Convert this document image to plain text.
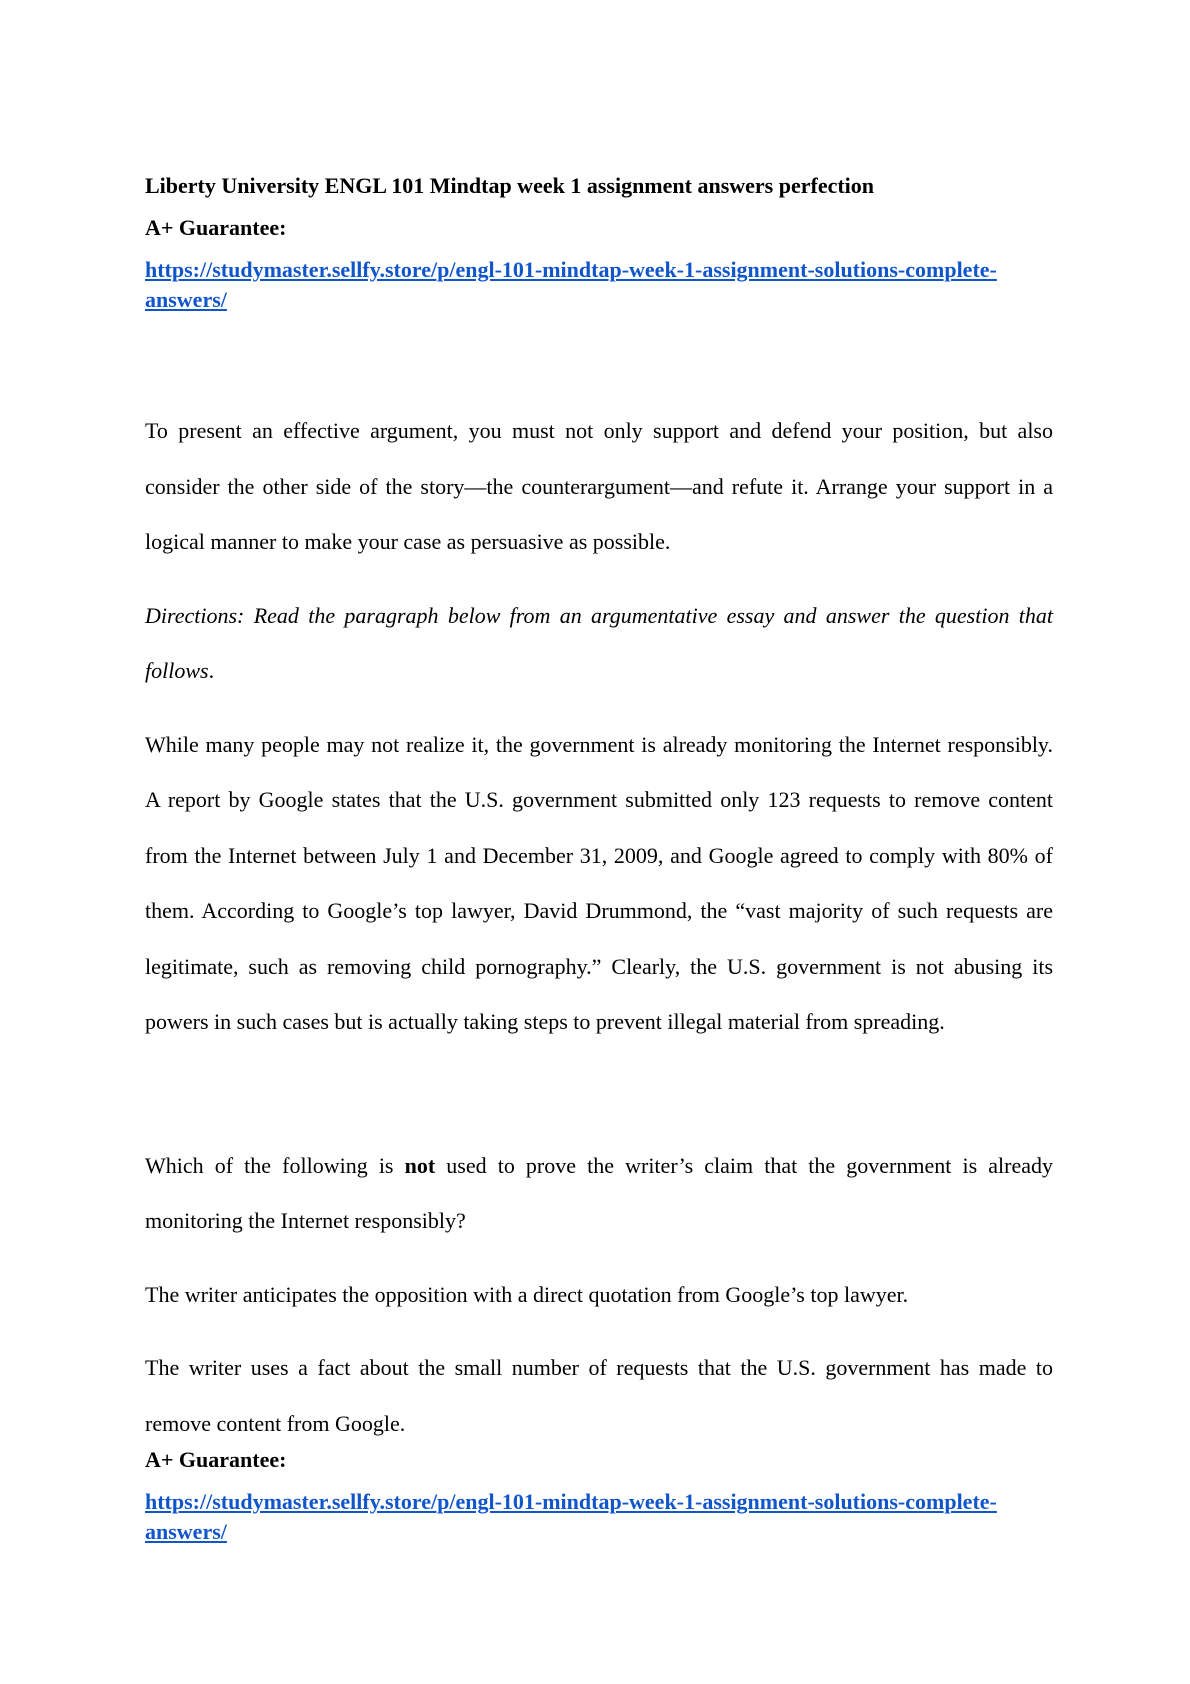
Liberty University ENGL 101 Mindtap week 1 assignment answers perfection

A+ Guarantee:

https://studymaster.sellfy.store/p/engl-101-mindtap-week-1-assignment-solutions-complete-answers/

To present an effective argument, you must not only support and defend your position, but also consider the other side of the story—the counterargument—and refute it. Arrange your support in a logical manner to make your case as persuasive as possible.

Directions: Read the paragraph below from an argumentative essay and answer the question that follows.

While many people may not realize it, the government is already monitoring the Internet responsibly. A report by Google states that the U.S. government submitted only 123 requests to remove content from the Internet between July 1 and December 31, 2009, and Google agreed to comply with 80% of them. According to Google’s top lawyer, David Drummond, the “vast majority of such requests are legitimate, such as removing child pornography.” Clearly, the U.S. government is not abusing its powers in such cases but is actually taking steps to prevent illegal material from spreading.

Which of the following is not used to prove the writer’s claim that the government is already monitoring the Internet responsibly?

The writer anticipates the opposition with a direct quotation from Google’s top lawyer.

The writer uses a fact about the small number of requests that the U.S. government has made to remove content from Google.

A+ Guarantee:

https://studymaster.sellfy.store/p/engl-101-mindtap-week-1-assignment-solutions-complete-answers/
